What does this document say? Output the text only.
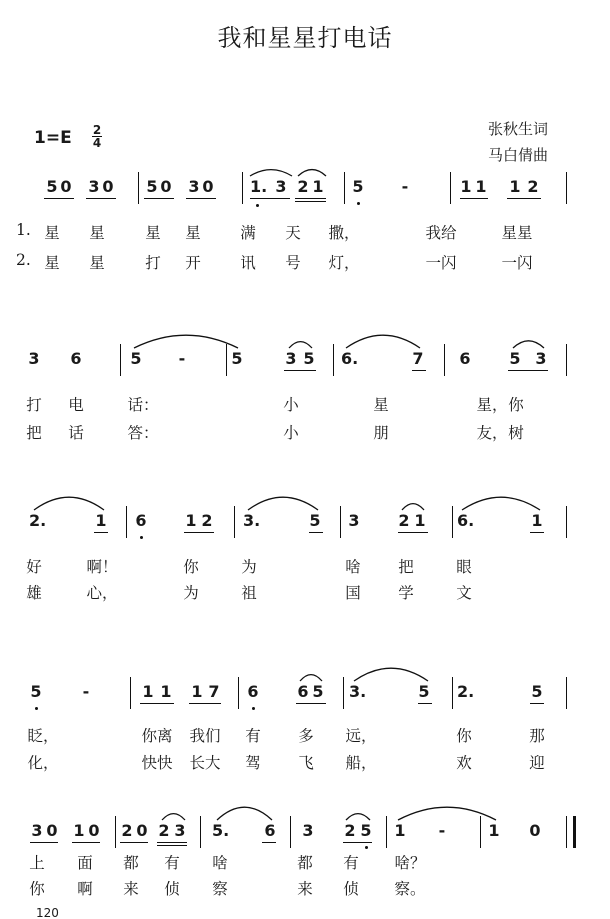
我和星星打电话
张秋生词
马白倩曲
1=E 2
4
5 0 3 0 5 0 3 0 1. 3 2 1 5 -	1 1 1 2
星 星	星 星	满 天 撒，	我给	星星
星 星	打 开	讯 号 灯，	一闪	一闪
1.
2.
3 6	5 -	5	3 5 6.	7 6 5 3
打 电	话：	小	星	星， 你
把 话	答：	小	朋	友， 树
2.	1 6 1 2 3.	5 3 2 1 6.	1
好	啊！	你	为	啥 把	眼
雄	心，	为	祖	国 学	文
5	-	1 1 1 7 6 6 5 3.	5 2.	5
眨，	你离 我们 有 多 远，	你	那
化，	快快 长大 驾 飞 船，	欢	迎
3 0 1 0 2 0 2 3 5. 6 3 2 5 1 -	1 0
上 面 都 有 啥	都 有 啥？
你 啊 来 侦 察	来 侦 察。
120
